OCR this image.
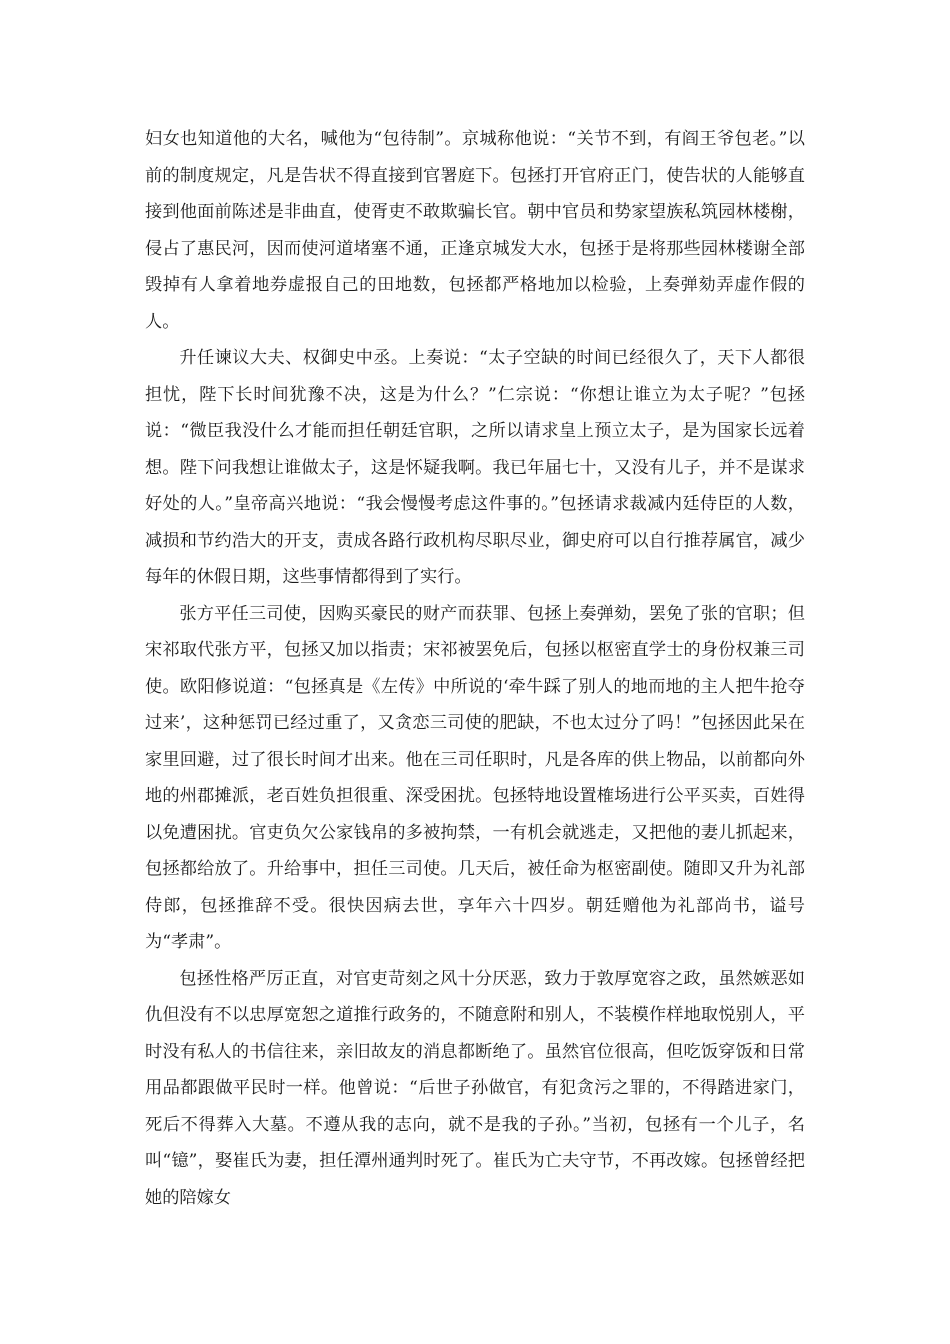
妇女也知道他的大名，喊他为“包待制”。京城称他说：“关节不到，有阎王爷包老。”以前的制度规定，凡是告状不得直接到官署庭下。包拯打开官府正门，使告状的人能够直接到他面前陈述是非曲直，使胥吏不敢欺骗长官。朝中官员和势家望族私筑园林楼榭，侵占了惠民河，因而使河道堵塞不通，正逢京城发大水，包拯于是将那些园林楼谢全部毁掉有人拿着地券虚报自己的田地数，包拯都严格地加以检验，上奏弹劾弄虚作假的人。

升任谏议大夫、权御史中丞。上奏说：“太子空缺的时间已经很久了，天下人都很担忧，陛下长时间犹豫不决，这是为什么？”仁宗说：“你想让谁立为太子呢？”包拯说：“微臣我没什么才能而担任朝廷官职，之所以请求皇上预立太子，是为国家长远着想。陛下问我想让谁做太子，这是怀疑我啊。我已年届七十，又没有儿子，并不是谋求好处的人。”皇帝高兴地说：“我会慢慢考虑这件事的。”包拯请求裁减内廷侍臣的人数，减损和节约浩大的开支，责成各路行政机构尽职尽业，御史府可以自行推荐属官，减少每年的休假日期，这些事情都得到了实行。

张方平任三司使，因购买豪民的财产而获罪、包拯上奏弹劾，罢免了张的官职；但宋祁取代张方平，包拯又加以指责；宋祁被罢免后，包拯以枢密直学士的身份权兼三司使。欧阳修说道：“包拯真是《左传》中所说的‘牵牛踩了别人的地而地的主人把牛抢夺过来’，这种惩罚已经过重了，又贪恋三司使的肥缺，不也太过分了吗！”包拯因此呆在家里回避，过了很长时间才出来。他在三司任职时，凡是各库的供上物品，以前都向外地的州郡摊派，老百姓负担很重、深受困扰。包拯特地设置榷场进行公平买卖，百姓得以免遭困扰。官吏负欠公家钱帛的多被拘禁，一有机会就逃走，又把他的妻儿抓起来，包拯都给放了。升给事中，担任三司使。几天后，被任命为枢密副使。随即又升为礼部侍郎，包拯推辞不受。很快因病去世，享年六十四岁。朝廷赠他为礼部尚书，谥号为“孝肃”。

包拯性格严厉正直，对官吏苛刻之风十分厌恶，致力于敦厚宽容之政，虽然嫉恶如仇但没有不以忠厚宽恕之道推行政务的，不随意附和别人，不装模作样地取悦别人，平时没有私人的书信往来，亲旧故友的消息都断绝了。虽然官位很高，但吃饭穿饭和日常用品都跟做平民时一样。他曾说：“后世子孙做官，有犯贪污之罪的，不得踏进家门，死后不得葬入大墓。不遵从我的志向，就不是我的子孙。”当初，包拯有一个儿子，名叫“镱”，娶崔氏为妻，担任潭州通判时死了。崔氏为亡夫守节，不再改嫁。包拯曾经把她的陪嫁女
